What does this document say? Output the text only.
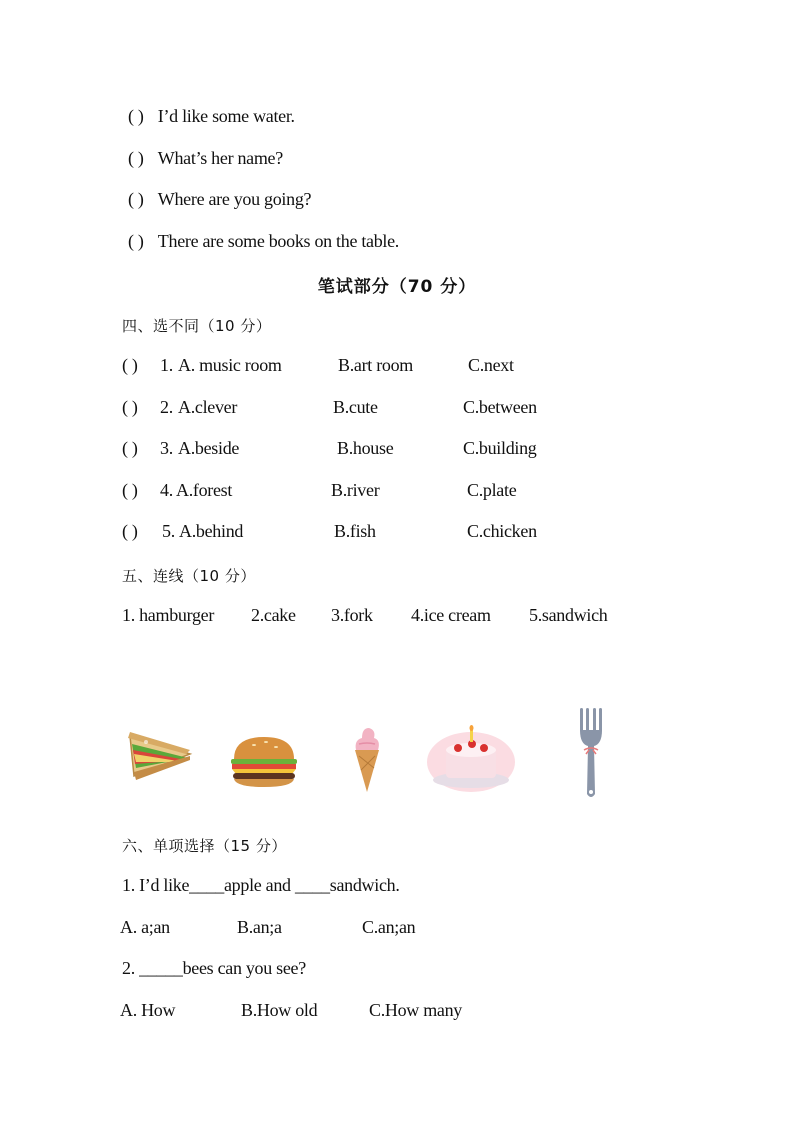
( ) I’d like some water.
( ) What’s her name?
( ) Where are you going?
( ) There are some books on the table.
笔试部分（70 分）
四、选不同（10 分）
( ) 1. A. music room	B.art room	C.next
( ) 2. A.clever	B.cute	C.between
( ) 3. A.beside	B.house	C.building
( ) 4. A.forest	B.river	C.plate
( ) 5. A.behind	B.fish	C.chicken
五、连线（10 分）
1. hamburger 2.cake 3.fork 4.ice cream 5.sandwich
六、单项选择（15 分）
1. I’d like____apple and ____sandwich.
A. a;an	B.an;a	C.an;an
2. _____bees can you see?
A. How	B.How old	C.How many
